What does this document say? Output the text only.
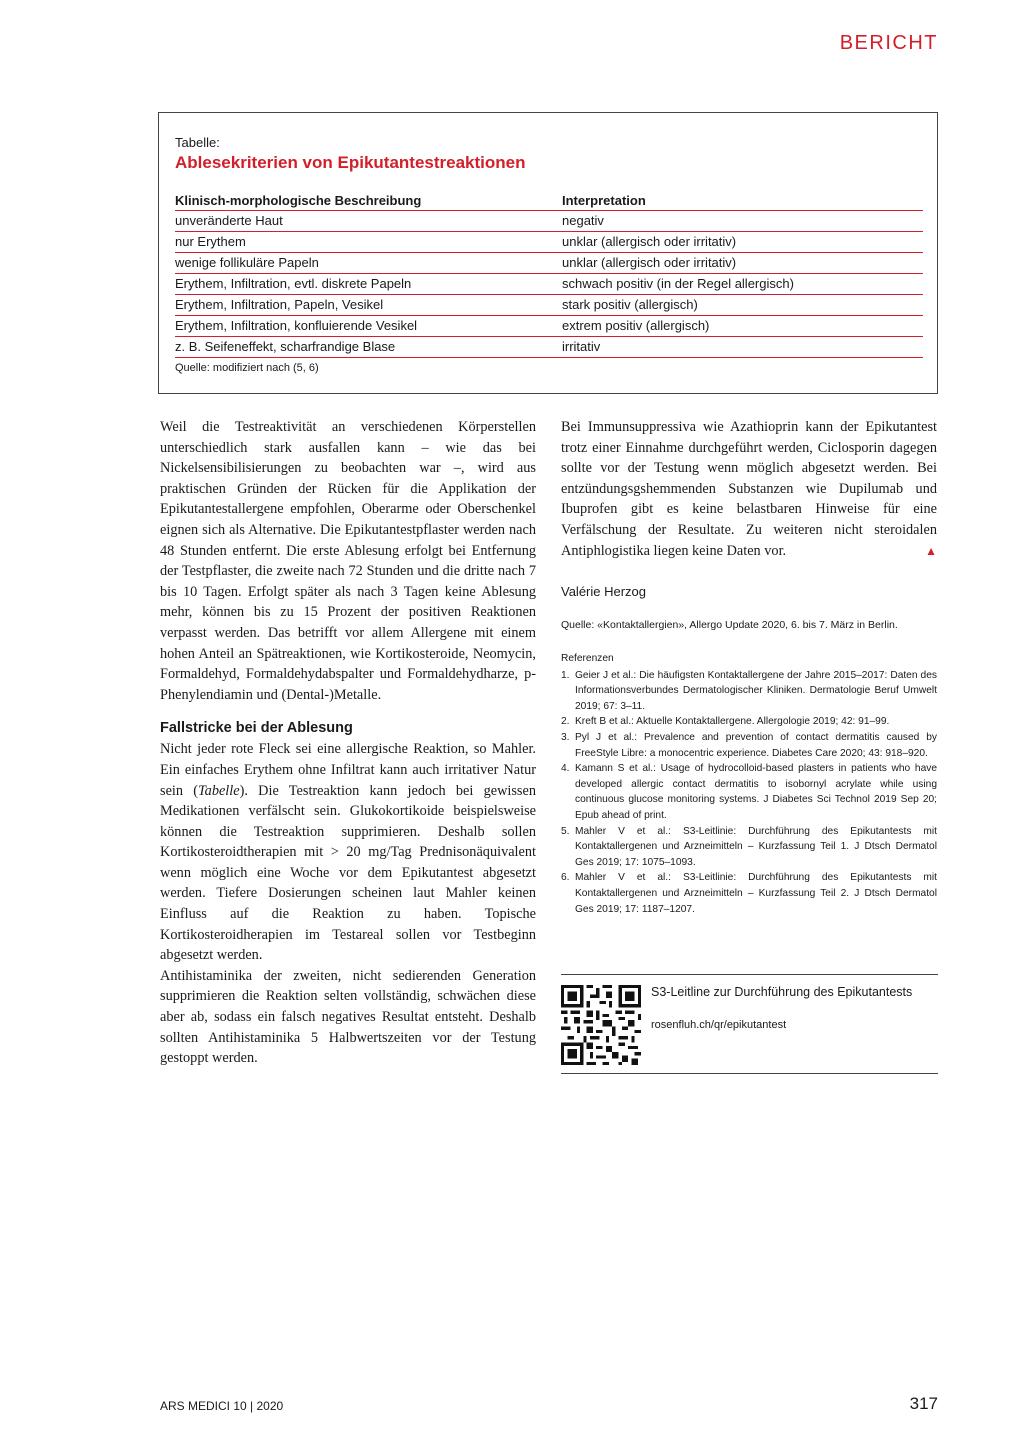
BERICHT
Tabelle:
Ablesekriterien von Epikutantestreaktionen
Klinisch-morphologische Beschreibung	Interpretation
unveränderte Haut	negativ
nur Erythem	unklar (allergisch oder irritativ)
wenige follikuläre Papeln	unklar (allergisch oder irritativ)
Erythem, Infiltration, evtl. diskrete Papeln	schwach positiv (in der Regel allergisch)
Erythem, Infiltration, Papeln, Vesikel	stark positiv (allergisch)
Erythem, Infiltration, konfluierende Vesikel	extrem positiv (allergisch)
z. B. Seifeneffekt, scharfrandige Blase	irritativ
Quelle: modifiziert nach (5, 6)

Weil die Testreaktivität an verschiedenen Körperstellen unterschiedlich stark ausfallen kann – wie das bei Nickelsensibilisierungen zu beobachten war –, wird aus praktischen Gründen der Rücken für die Applikation der Epikutantestallergene empfohlen, Oberarme oder Oberschenkel eignen sich als Alternative. Die Epikutantestpflaster werden nach 48 Stunden entfernt. Die erste Ablesung erfolgt bei Entfernung der Testpflaster, die zweite nach 72 Stunden und die dritte nach 7 bis 10 Tagen. Erfolgt später als nach 3 Tagen keine Ablesung mehr, können bis zu 15 Prozent der positiven Reaktionen verpasst werden. Das betrifft vor allem Allergene mit einem hohen Anteil an Spätreaktionen, wie Kortikosteroide, Neomycin, Formaldehyd, Formaldehydabspalter und Formaldehydharze, p-Phenylendiamin und (Dental-)Metalle.

Fallstricke bei der Ablesung

Nicht jeder rote Fleck sei eine allergische Reaktion, so Mahler. Ein einfaches Erythem ohne Infiltrat kann auch irritativer Natur sein (Tabelle). Die Testreaktion kann jedoch bei gewissen Medikationen verfälscht sein. Glukokortikoide beispielsweise können die Testreaktion supprimieren. Deshalb sollen Kortikosteroidtherapien mit > 20 mg/Tag Prednisonäquivalent wenn möglich eine Woche vor dem Epikutantest abgesetzt werden. Tiefere Dosierungen scheinen laut Mahler keinen Einfluss auf die Reaktion zu haben. Topische Kortikosteroidherapien im Testareal sollen vor Testbeginn abgesetzt werden.

Antihistaminika der zweiten, nicht sedierenden Generation supprimieren die Reaktion selten vollständig, schwächen diese aber ab, sodass ein falsch negatives Resultat entsteht. Deshalb sollten Antihistaminika 5 Halbwertszeiten vor der Testung gestoppt werden.

Bei Immunsuppressiva wie Azathioprin kann der Epikutantest trotz einer Einnahme durchgeführt werden, Ciclosporin dagegen sollte vor der Testung wenn möglich abgesetzt werden. Bei entzündungsgshemmenden Substanzen wie Dupilumab und Ibuprofen gibt es keine belastbaren Hinweise für eine Verfälschung der Resultate. Zu weiteren nicht steroidalen Antiphlogistika liegen keine Daten vor.	▲

Valérie Herzog
Quelle: «Kontaktallergien», Allergo Update 2020, 6. bis 7. März in Berlin.
Referenzen
1. Geier J et al.: Die häufigsten Kontaktallergene der Jahre 2015–2017: Daten des Informationsverbundes Dermatologischer Kliniken. Dermatologie Beruf Umwelt 2019; 67: 3–11.
2. Kreft B et al.: Aktuelle Kontaktallergene. Allergologie 2019; 42: 91–99.
3. Pyl J et al.: Prevalence and prevention of contact dermatitis caused by FreeStyle Libre: a monocentric experience. Diabetes Care 2020; 43: 918–920.
4. Kamann S et al.: Usage of hydrocolloid-based plasters in patients who have developed allergic contact dermatitis to isobornyl acrylate while using continuous glucose monitoring systems. J Diabetes Sci Technol 2019 Sep 20; Epub ahead of print.
5. Mahler V et al.: S3-Leitlinie: Durchführung des Epikutantests mit Kontaktallergenen und Arzneimitteln – Kurzfassung Teil 1. J Dtsch Dermatol Ges 2019; 17: 1075–1093.
6. Mahler V et al.: S3-Leitlinie: Durchführung des Epikutantests mit Kontaktallergenen und Arzneimitteln – Kurzfassung Teil 2. J Dtsch Dermatol Ges 2019; 17: 1187–1207.
S3-Leitline zur Durchführung des Epikutantests
rosenfluh.ch/qr/epikutantest
ARS MEDICI 10 | 2020	317
